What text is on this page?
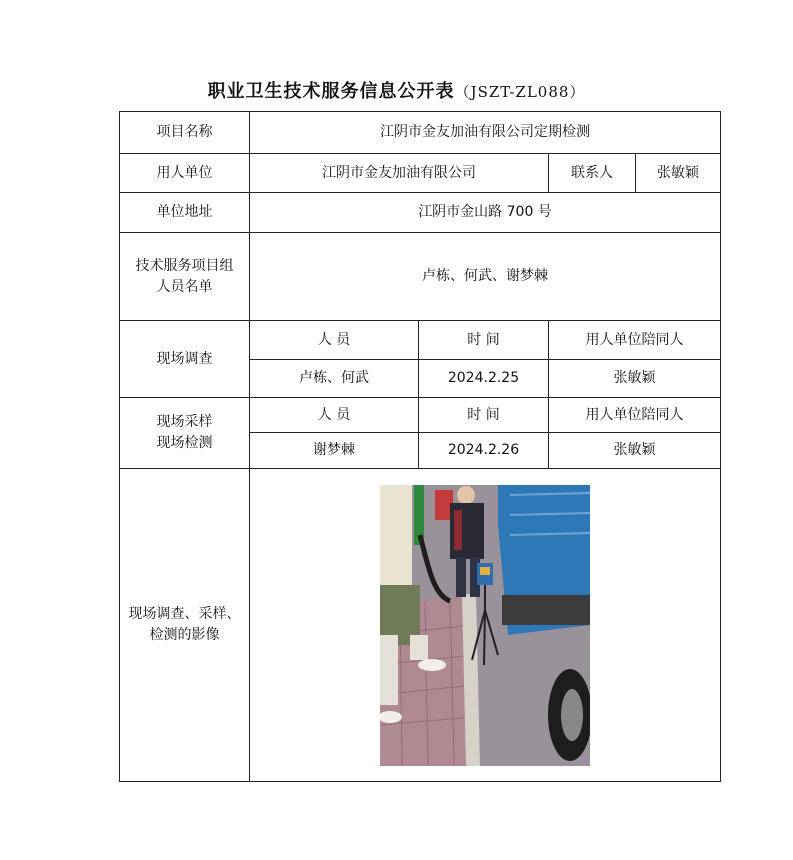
职业卫生技术服务信息公开表（JSZT-ZL088）
项目名称	江阴市金友加油有限公司定期检测		
用人单位	江阴市金友加油有限公司		联系人 张敏颖

单位地址	江阴市金山路 700 号		

技术服务项目组
人员名单	卢栋、何武、谢梦棘		
现场调查	人 员	时 间	用人单位陪同人
	卢栋、何武	2024.2.25	张敏颖

现场采样
现场检测	人 员	时 间	用人单位陪同人
	谢梦棘	2024.2.26	张敏颖

现场调查、采样、
检测的影像
